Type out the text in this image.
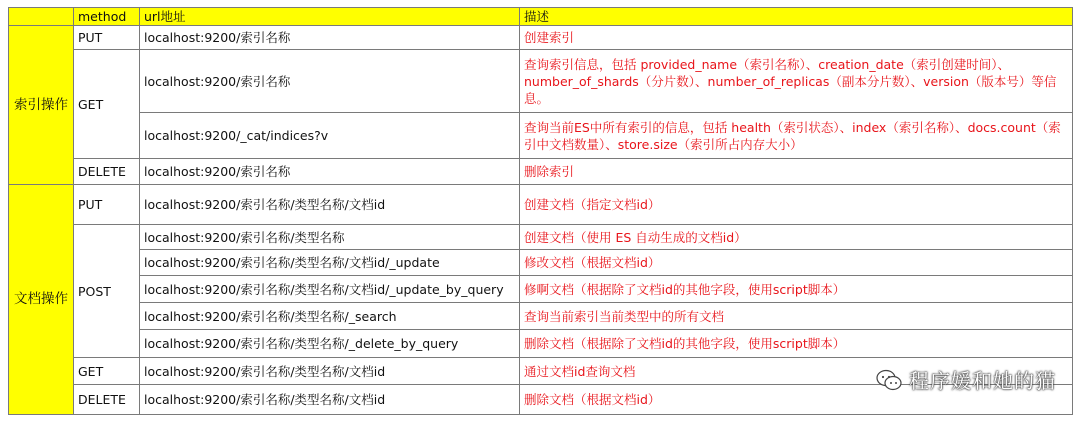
	method	url地址	描述
索引操作	PUT	localhost:9200/索引名称	创建索引
	GET	localhost:9200/索引名称	查询索引信息，包括 provided_name（索引名称）、creation_date（索引创建时间）、number_of_shards（分片数）、number_of_replicas（副本分片数）、version（版本号）等信息。
		localhost:9200/_cat/indices?v	查询当前ES中所有索引的信息，包括 health（索引状态）、index（索引名称）、docs.count（索引中文档数量）、store.size（索引所占内存大小）
	DELETE	localhost:9200/索引名称	删除索引
文档操作	PUT	localhost:9200/索引名称/类型名称/文档id	创建文档（指定文档id）
	POST	localhost:9200/索引名称/类型名称	创建文档（使用 ES 自动生成的文档id）
		localhost:9200/索引名称/类型名称/文档id/_update	修改文档（根据文档id）
		localhost:9200/索引名称/类型名称/文档id/_update_by_query	修啊文档（根据除了文档id的其他字段，使用script脚本）
		localhost:9200/索引名称/类型名称/_search	查询当前索引当前类型中的所有文档
		localhost:9200/索引名称/类型名称/_delete_by_query	删除文档（根据除了文档id的其他字段，使用script脚本）
	GET	localhost:9200/索引名称/类型名称/文档id	通过文档id查询文档
	DELETE	localhost:9200/索引名称/类型名称/文档id	删除文档（根据文档id）
程序媛和她的猫
